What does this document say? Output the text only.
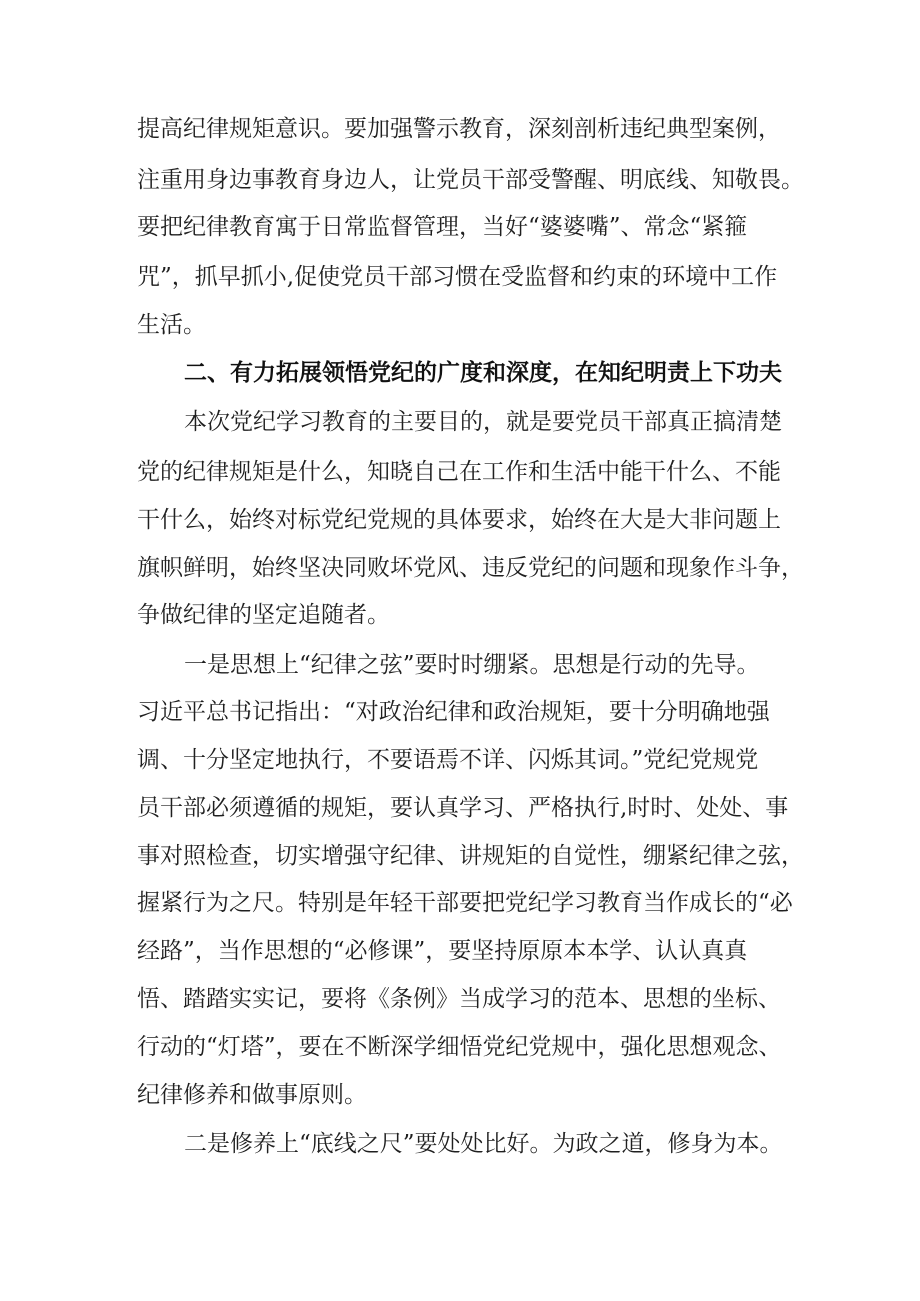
提高纪律规矩意识。要加强警示教育，深刻剖析违纪典型案例，
注重用身边事教育身边人，让党员干部受警醒、明底线、知敬畏。
要把纪律教育寓于日常监督管理，当好“婆婆嘴”、常念“紧箍
咒”，抓早抓小,促使党员干部习惯在受监督和约束的环境中工作
生活。
二、有力拓展领悟党纪的广度和深度，在知纪明责上下功夫
本次党纪学习教育的主要目的，就是要党员干部真正搞清楚
党的纪律规矩是什么，知晓自己在工作和生活中能干什么、不能
干什么，始终对标党纪党规的具体要求，始终在大是大非问题上
旗帜鲜明，始终坚决同败坏党风、违反党纪的问题和现象作斗争，
争做纪律的坚定追随者。
一是思想上“纪律之弦”要时时绷紧。思想是行动的先导。
习近平总书记指出：“对政治纪律和政治规矩，要十分明确地强
调、十分坚定地执行，不要语焉不详、闪烁其词。”党纪党规党
员干部必须遵循的规矩，要认真学习、严格执行,时时、处处、事
事对照检查，切实增强守纪律、讲规矩的自觉性，绷紧纪律之弦，
握紧行为之尺。特别是年轻干部要把党纪学习教育当作成长的“必
经路”，当作思想的“必修课”，要坚持原原本本学、认认真真
悟、踏踏实实记，要将《条例》当成学习的范本、思想的坐标、
行动的“灯塔”，要在不断深学细悟党纪党规中，强化思想观念、
纪律修养和做事原则。
二是修养上“底线之尺”要处处比好。为政之道，修身为本。
